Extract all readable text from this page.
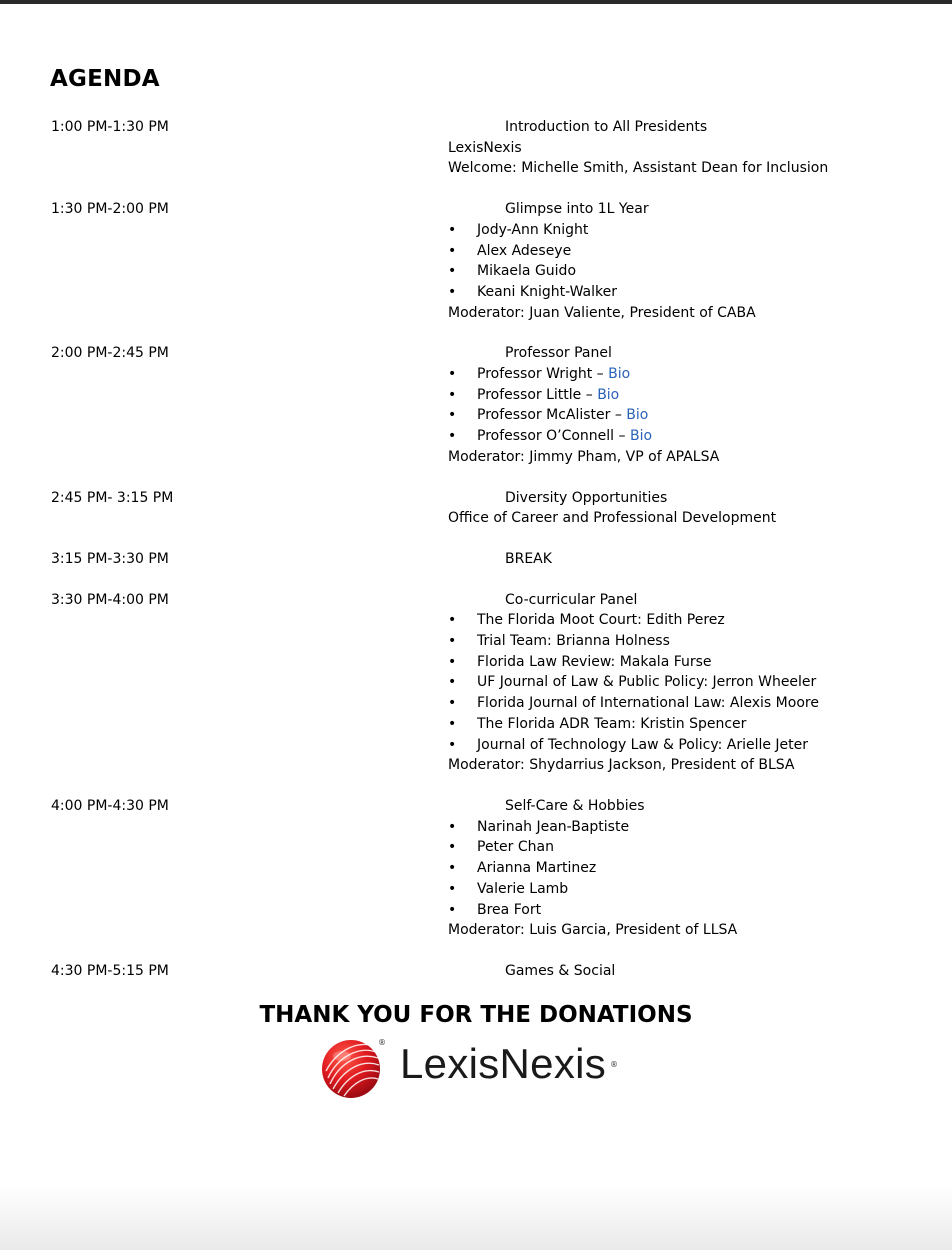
AGENDA
1:00 PM-1:30 PM	Introduction to All Presidents
LexisNexis
Welcome: Michelle Smith, Assistant Dean for Inclusion
1:30 PM-2:00 PM	Glimpse into 1L Year
• Jody-Ann Knight
• Alex Adeseye
• Mikaela Guido
• Keani Knight-Walker
Moderator: Juan Valiente, President of CABA
2:00 PM-2:45 PM	Professor Panel
• Professor Wright – Bio
• Professor Little – Bio
• Professor McAlister – Bio
• Professor O’Connell – Bio
Moderator: Jimmy Pham, VP of APALSA
2:45 PM- 3:15 PM	Diversity Opportunities
Office of Career and Professional Development
3:15 PM-3:30 PM	BREAK
3:30 PM-4:00 PM	Co-curricular Panel
• The Florida Moot Court: Edith Perez
• Trial Team: Brianna Holness
• Florida Law Review: Makala Furse
• UF Journal of Law & Public Policy: Jerron Wheeler
• Florida Journal of International Law: Alexis Moore
• The Florida ADR Team: Kristin Spencer
• Journal of Technology Law & Policy: Arielle Jeter
Moderator: Shydarrius Jackson, President of BLSA
4:00 PM-4:30 PM	Self-Care & Hobbies
• Narinah Jean-Baptiste
• Peter Chan
• Arianna Martinez
• Valerie Lamb
• Brea Fort
Moderator: Luis Garcia, President of LLSA
4:30 PM-5:15 PM	Games & Social
THANK YOU FOR THE DONATIONS
® LexisNexis ®
